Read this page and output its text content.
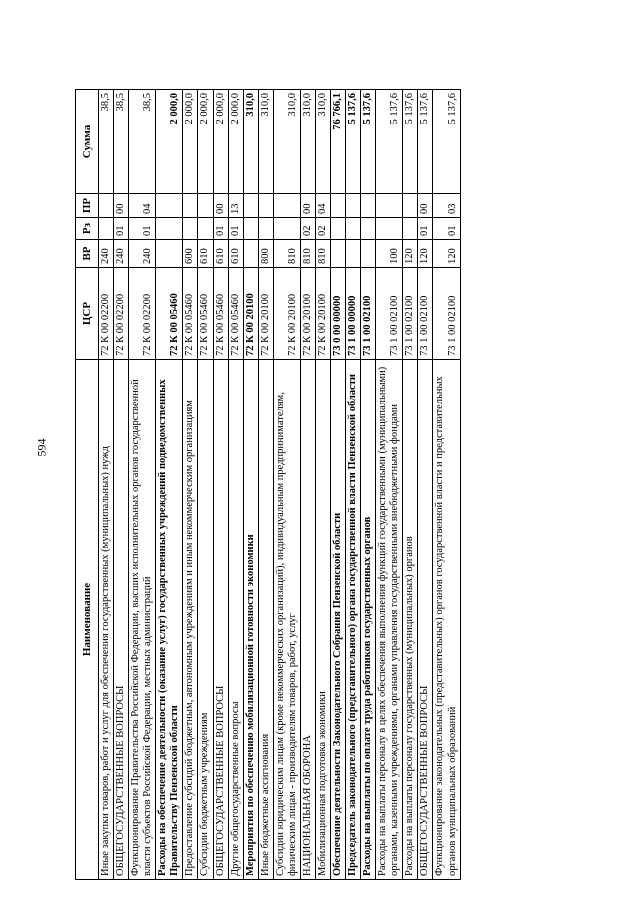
594
Наименование	ЦСР	ВР	Рз	ПР	Сумма
Иные закупки товаров, работ и услуг для обеспечения государственных (муниципальных) нужд	72 К 00 02200	240			38,5
ОБЩЕГОСУДАРСТВЕННЫЕ ВОПРОСЫ	72 К 00 02200	240	01	00	38,5
Функционирование Правительства Российской Федерации, высших исполнительных органов государственной власти субъектов Российской Федерации, местных администраций	72 К 00 02200	240	01	04	38,5
Расходы на обеспечение деятельности (оказание услуг) государственных учреждений подведомственных Правительству Пензенской области	72 К 00 05460				2 000,0
Предоставление субсидий бюджетным, автономным учреждениям и иным некоммерческим организациям	72 К 00 05460	600			2 000,0
Субсидии бюджетным учреждениям	72 К 00 05460	610			2 000,0
ОБЩЕГОСУДАРСТВЕННЫЕ ВОПРОСЫ	72 К 00 05460	610	01	00	2 000,0
Другие общегосударственные вопросы	72 К 00 05460	610	01	13	2 000,0
Мероприятия по обеспечению мобилизационной готовности экономики	72 К 00 20100				310,0
Иные бюджетные ассигнования	72 К 00 20100	800			310,0
Субсидии юридическим лицам (кроме некоммерческих организаций), индивидуальным предпринимателям, физическим лицам - производителям товаров, работ, услуг	72 К 00 20100	810			310,0
НАЦИОНАЛЬНАЯ ОБОРОНА	72 К 00 20100	810	02	00	310,0
Мобилизационная подготовка экономики	72 К 00 20100	810	02	04	310,0
Обеспечение деятельности Законодательного Собрания Пензенской области	73 0 00 00000				76 766,1
Председатель законодательного (представительного) органа государственной власти Пензенской области	73 1 00 00000				5 137,6
Расходы на выплаты по оплате труда работников государственных органов	73 1 00 02100				5 137,6
Расходы на выплаты персоналу в целях обеспечения выполнения функций государственными (муниципальными) органами, казенными учреждениями, органами управления государственными внебюджетными фондами	73 1 00 02100	100			5 137,6
Расходы на выплаты персоналу государственных (муниципальных) органов	73 1 00 02100	120			5 137,6
ОБЩЕГОСУДАРСТВЕННЫЕ ВОПРОСЫ	73 1 00 02100	120	01	00	5 137,6
Функционирование законодательных (представительных) органов государственной власти и представительных органов муниципальных образований	73 1 00 02100	120	01	03	5 137,6
